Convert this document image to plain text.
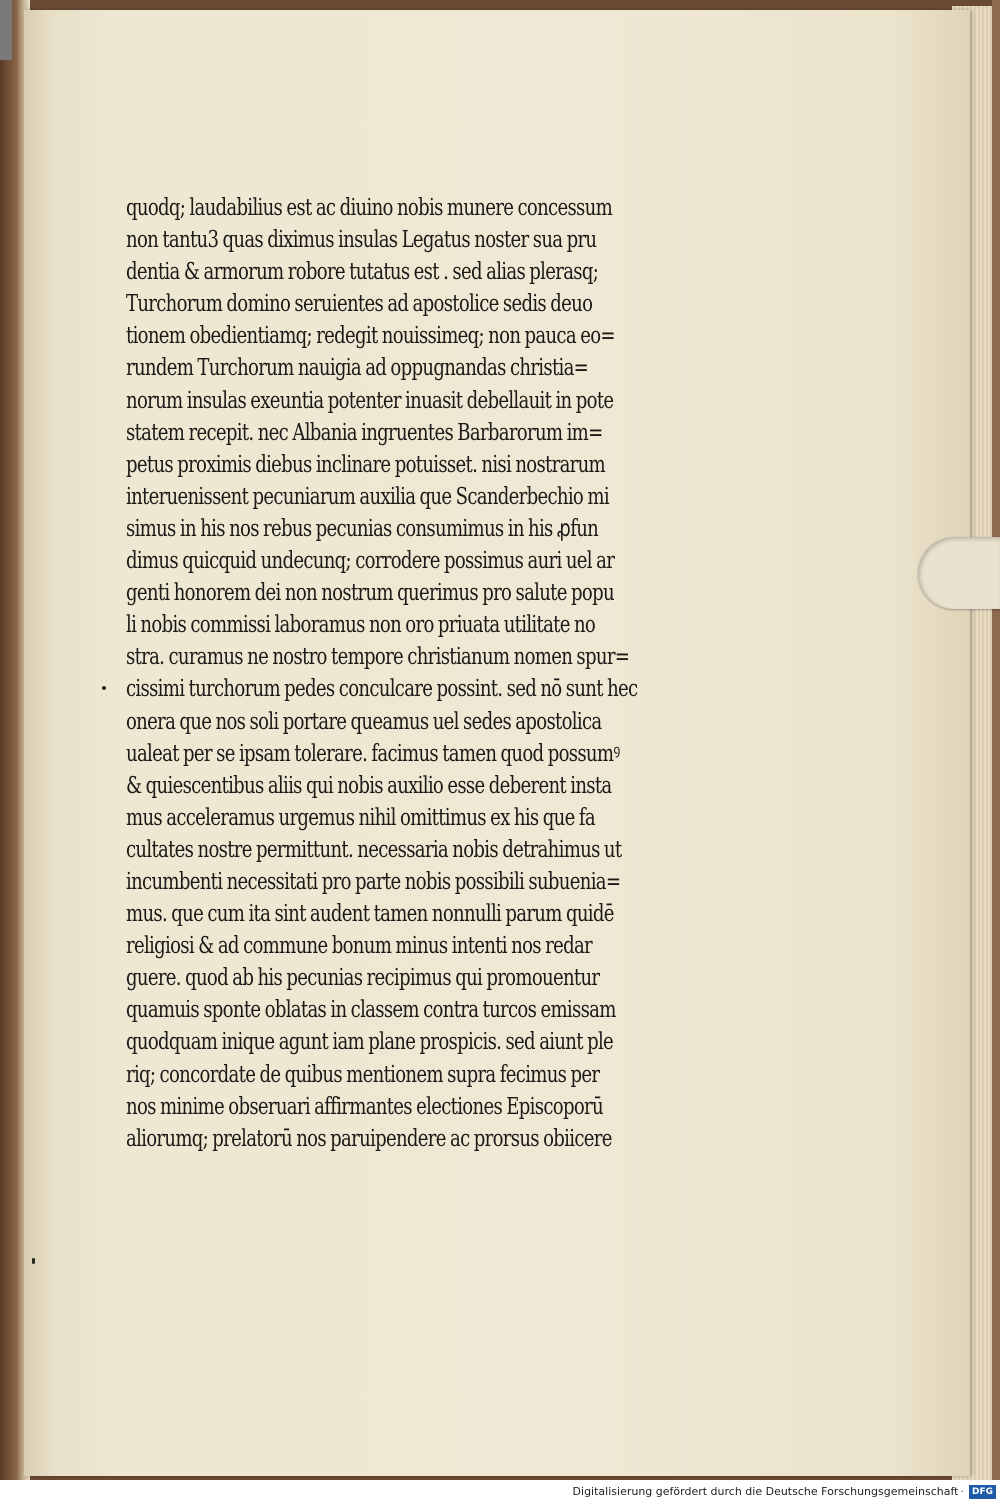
quodq; laudabilius est ac diuino nobis munere concessum
non tantu3 quas diximus insulas Legatus noster sua pru
dentia & armorum robore tutatus est . sed alias plerasq;
Turchorum domino seruientes ad apostolice sedis deuo
tionem obedientiamq; redegit nouissimeq; non pauca eo=
rundem Turchorum nauigia ad oppugnandas christia=
norum insulas exeuntia potenter inuasit debellauit in pote
statem recepit. nec Albania ingruentes Barbarorum im=
petus proximis diebus inclinare potuisset. nisi nostrarum
interuenissent pecuniarum auxilia que Scanderbechio mi
simus in his nos rebus pecunias consumimus in his ꝓfun
dimus quicquid undecunq; corrodere possimus auri uel ar
genti honorem dei non nostrum querimus pro salute popu
li nobis commissi laboramus non oro priuata utilitate no
stra. curamus ne nostro tempore christianum nomen spur=
cissimi turchorum pedes conculcare possint. sed nō sunt hec
onera que nos soli portare queamus uel sedes apostolica
ualeat per se ipsam tolerare. facimus tamen quod possumꝰ
& quiescentibus aliis qui nobis auxilio esse deberent insta
mus acceleramus urgemus nihil omittimus ex his que fa
cultates nostre permittunt. necessaria nobis detrahimus ut
incumbenti necessitati pro parte nobis possibili subuenia=
mus. que cum ita sint audent tamen nonnulli parum quidē
religiosi & ad commune bonum minus intenti nos redar
guere. quod ab his pecunias recipimus qui promouentur
quamuis sponte oblatas in classem contra turcos emissam
quodquam inique agunt iam plane prospicis. sed aiunt ple
riq; concordate de quibus mentionem supra fecimus per
nos minime obseruari affirmantes electiones Episcoporū
aliorumq; prelatorū nos paruipendere ac prorsus obiicere
Digitalisierung gefördert durch die Deutsche Forschungsgemeinschaft · DFG
